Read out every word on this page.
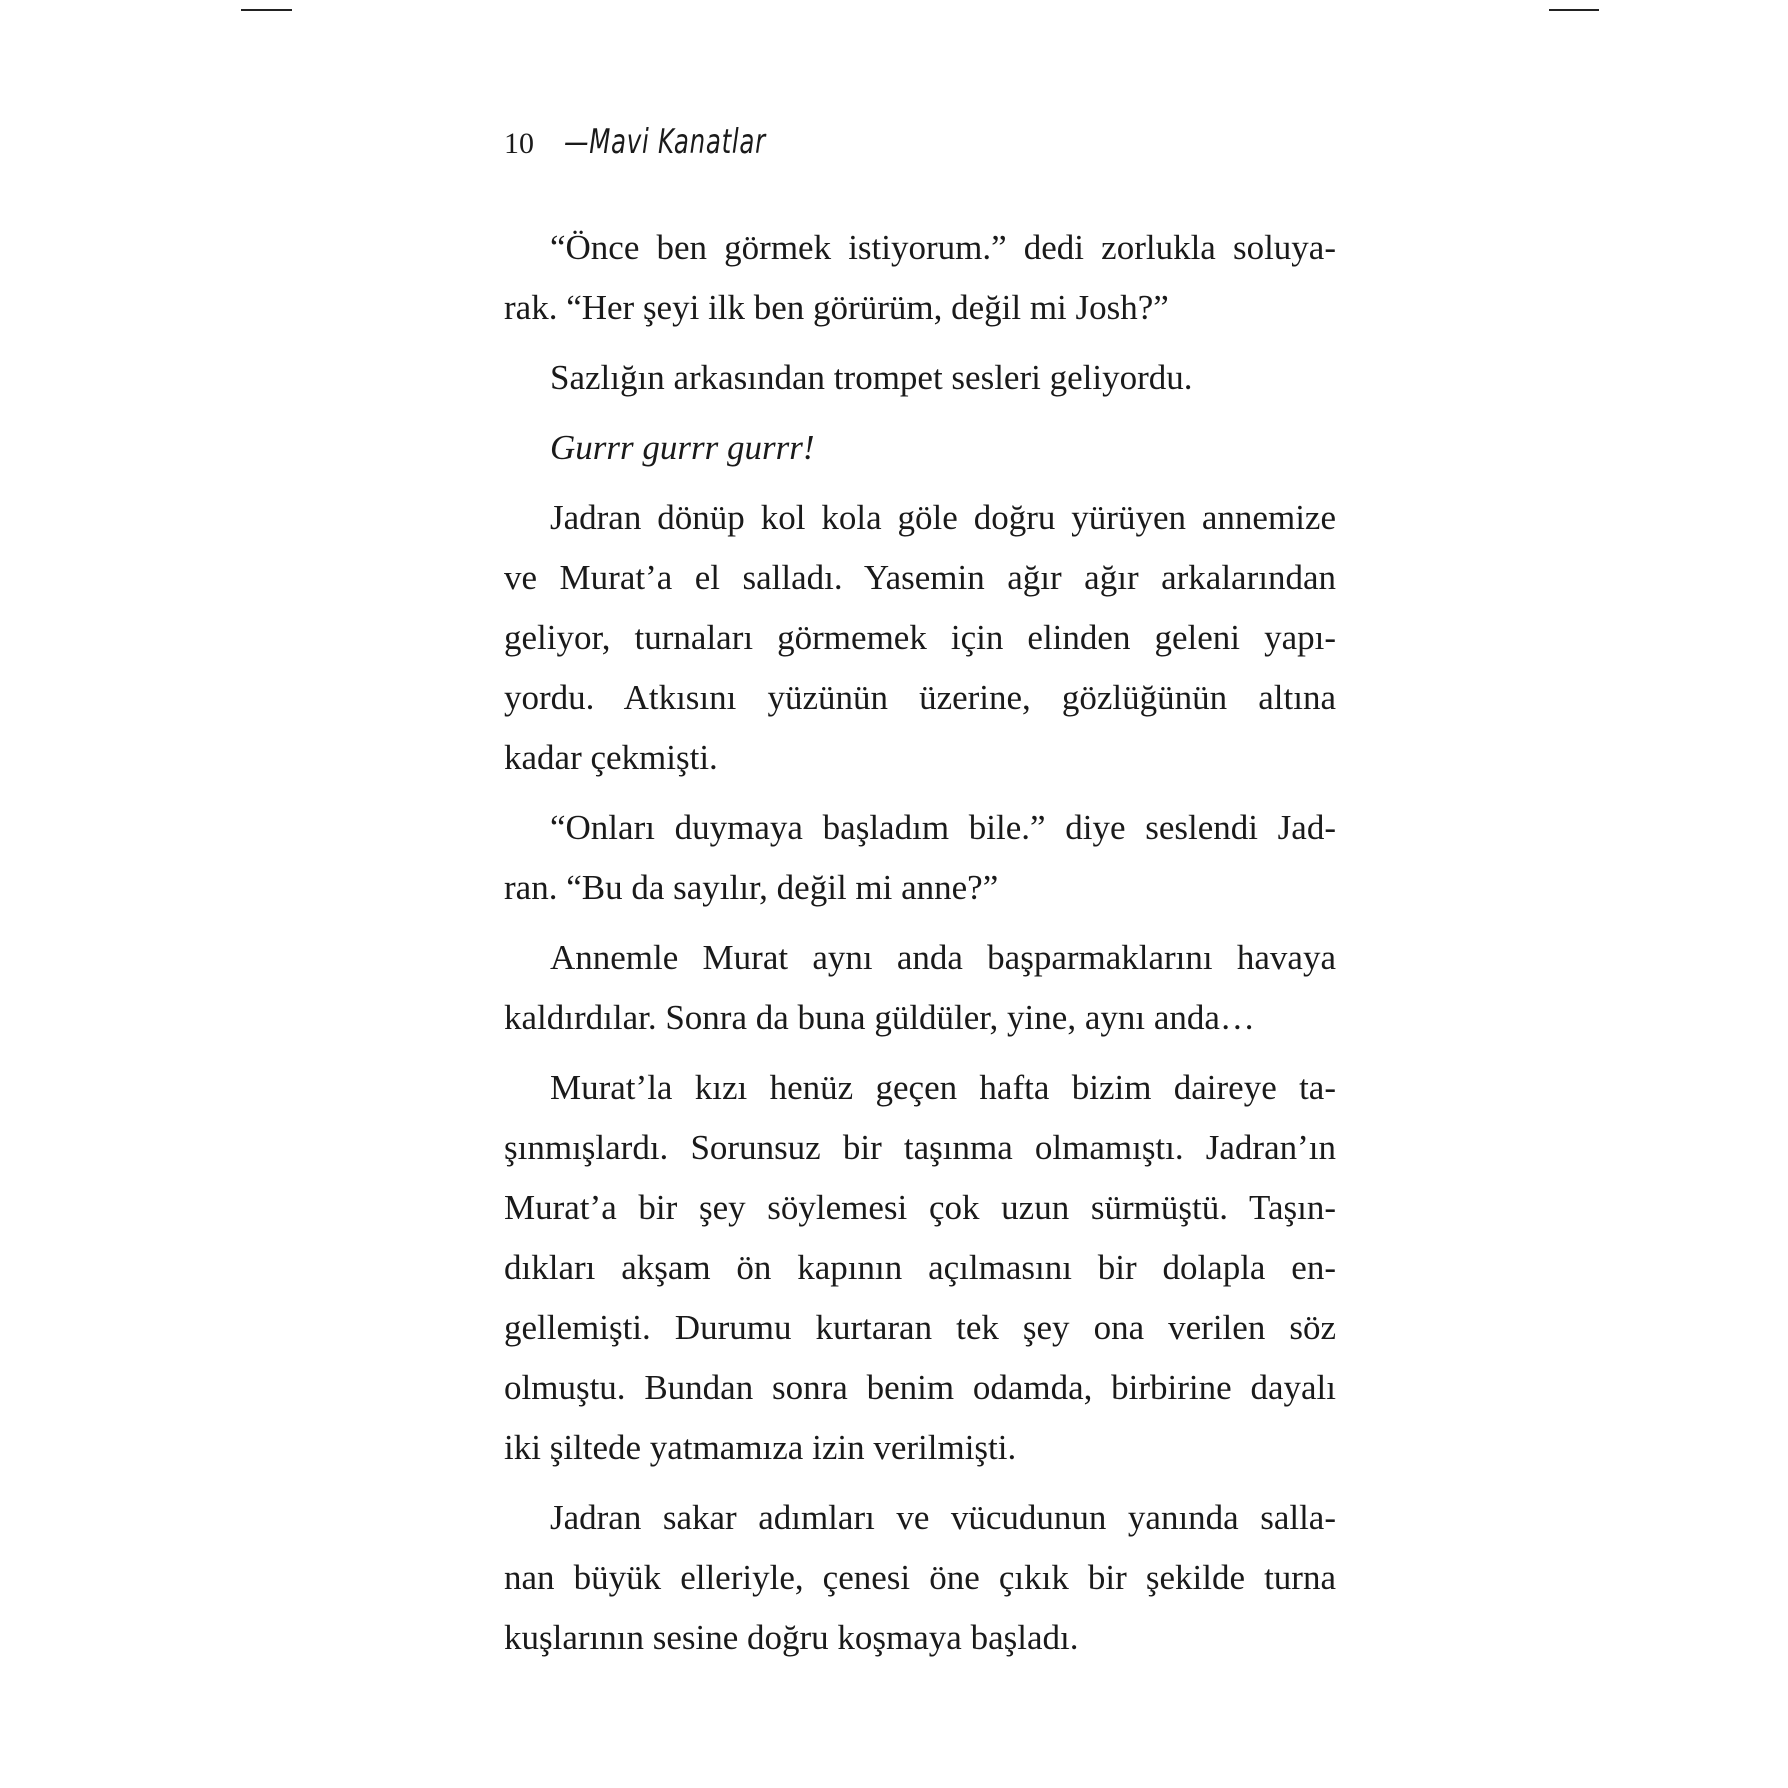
10 —Mavi Kanatlar
“Önce ben görmek istiyorum.” dedi zorlukla soluya-
rak. “Her şeyi ilk ben görürüm, değil mi Josh?”
Sazlığın arkasından trompet sesleri geliyordu.
Gurrr gurrr gurrr!
Jadran dönüp kol kola göle doğru yürüyen annemize
ve Murat’a el salladı. Yasemin ağır ağır arkalarından
geliyor, turnaları görmemek için elinden geleni yapı-
yordu. Atkısını yüzünün üzerine, gözlüğünün altına
kadar çekmişti.
“Onları duymaya başladım bile.” diye seslendi Jad-
ran. “Bu da sayılır, değil mi anne?”
Annemle Murat aynı anda başparmaklarını havaya
kaldırdılar. Sonra da buna güldüler, yine, aynı anda…
Murat’la kızı henüz geçen hafta bizim daireye ta-
şınmışlardı. Sorunsuz bir taşınma olmamıştı. Jadran’ın
Murat’a bir şey söylemesi çok uzun sürmüştü. Taşın-
dıkları akşam ön kapının açılmasını bir dolapla en-
gellemişti. Durumu kurtaran tek şey ona verilen söz
olmuştu. Bundan sonra benim odamda, birbirine dayalı
iki şiltede yatmamıza izin verilmişti.
Jadran sakar adımları ve vücudunun yanında salla-
nan büyük elleriyle, çenesi öne çıkık bir şekilde turna
kuşlarının sesine doğru koşmaya başladı.
